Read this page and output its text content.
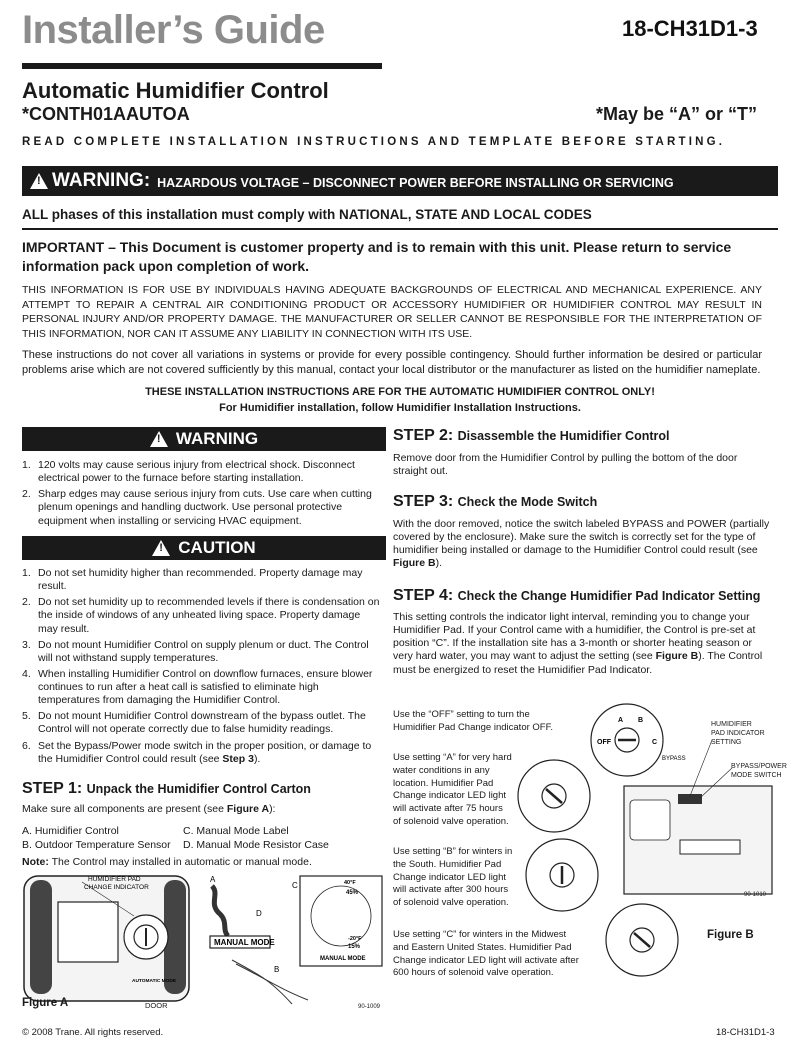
Installer’s Guide	18-CH31D1-3
Automatic Humidifier Control
*CONTH01AAUTOA	*May be “A” or “T”
READ COMPLETE INSTALLATION INSTRUCTIONS AND TEMPLATE BEFORE STARTING.
!
WARNING: HAZARDOUS VOLTAGE – DISCONNECT POWER BEFORE INSTALLING OR SERVICING
ALL phases of this installation must comply with NATIONAL, STATE AND LOCAL CODES

IMPORTANT – This Document is customer property and is to remain with this unit. Please return to service information pack upon completion of work.

THIS INFORMATION IS FOR USE BY INDIVIDUALS HAVING ADEQUATE BACKGROUNDS OF ELECTRICAL AND MECHANICAL EXPERIENCE. ANY ATTEMPT TO REPAIR A CENTRAL AIR CONDITIONING PRODUCT OR ACCESSORY HUMIDIFIER OR HUMIDIFIER CONTROL MAY RESULT IN PERSONAL INJURY AND/OR PROPERTY DAMAGE. THE MANUFACTURER OR SELLER CANNOT BE RESPONSIBLE FOR THE INTERPRETATION OF THIS INFORMATION, NOR CAN IT ASSUME ANY LIABILITY IN CONNECTION WITH ITS USE.

These instructions do not cover all variations in systems or provide for every possible contingency. Should further information be desired or particular problems arise which are not covered sufficiently by this manual, contact your local distributor or the manufacturer as listed on the humidifier nameplate.

THESE INSTALLATION INSTRUCTIONS ARE FOR THE AUTOMATIC HUMIDIFIER CONTROL ONLY!
For Humidifier installation, follow Humidifier Installation Instructions.
!
WARNING
1. 120 volts may cause serious injury from electrical shock. Disconnect electrical power to the furnace before starting installation.
2. Sharp edges may cause serious injury from cuts. Use care when cutting plenum openings and handling ductwork. Use personal protective equipment when installing or servicing HVAC equipment.
!
CAUTION
1. Do not set humidity higher than recommended. Property damage may result.
2. Do not set humidity up to recommended levels if there is condensation on the inside of windows of any unheated living space. Property damage may result.
3. Do not mount Humidifier Control on supply plenum or duct. The Control will not withstand supply temperatures.
4. When installing Humidifier Control on downflow furnaces, ensure blower continues to run after a heat call is satisfied to eliminate high temperatures from damaging the Humidifier Control.
5. Do not mount Humidifier Control downstream of the bypass outlet. The Control will not operate correctly due to false humidity readings.
6. Set the Bypass/Power mode switch in the proper position, or damage to the Humidifier Control could result (see Step 3).
STEP 1: Unpack the Humidifier Control Carton
Make sure all components are present (see Figure A):
A. Humidifier Control
B. Outdoor Temperature Sensor
C. Manual Mode Label
D. Manual Mode Resistor Case
Note: The Control may installed in automatic or manual mode.
HUMIDIFIER PAD
CHANGE INDICATOR
AUTOMATIC MODE
MANUAL MODE
40°F
45%
15%
-20°F
MANUAL MODE
A
C
D
B
Figure A	DOOR	90-1009
STEP 2: Disassemble the Humidifier Control

Remove door from the Humidifier Control by pulling the bottom of the door straight out.

STEP 3: Check the Mode Switch

With the door removed, notice the switch labeled BYPASS and POWER (partially covered by the enclosure). Make sure the switch is correctly set for the type of humidifier being installed or damage to the Humidifier Control could result (see Figure B).

STEP 4: Check the Change Humidifier Pad Indicator Setting

This setting controls the indicator light interval, reminding you to change your Humidifier Pad. If your Control came with a humidifier, the Control is pre-set at position “C”. If the installation site has a 3-month or shorter heating season or very hard water, you may want to adjust the setting (see Figure B). The Control must be energized to reset the Humidifier Pad Indicator.

OFF
A B
C
BYPASS

Use the “OFF” setting to turn the Humidifier Pad Change indicator OFF.

Use setting “A” for very hard water conditions in any location. Humidifier Pad Change indicator LED light will activate after 75 hours of solenoid valve operation.

Use setting “B” for winters in the South. Humidifier Pad Change indicator LED light will activate after 300 hours of solenoid valve operation.

Use setting “C” for winters in the Midwest and Eastern United States. Humidifier Pad Change indicator LED light will activate after 600 hours of solenoid valve operation.

Figure B
HUMIDIFIER
PAD INDICATOR
SETTING
BYPASS/POWER
MODE SWITCH
90-1010
© 2008 Trane. All rights reserved.	18-CH31D1-3
